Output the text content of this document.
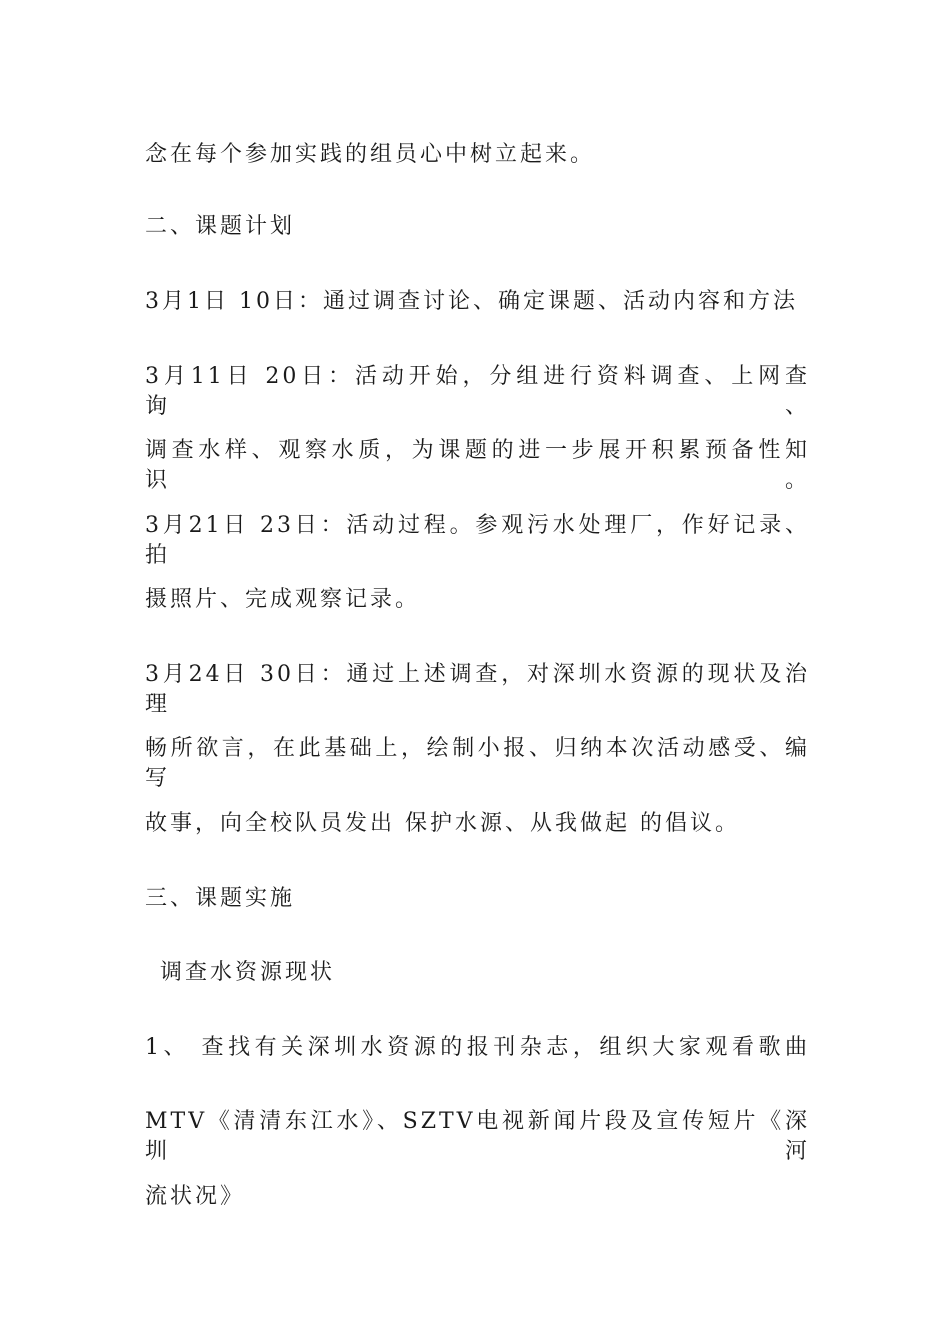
念在每个参加实践的组员心中树立起来。
二、课题计划
3月1日 10日：通过调查讨论、确定课题、活动内容和方法
3月11日 20日：活动开始，分组进行资料调查、上网查询、
调查水样、观察水质，为课题的进一步展开积累预备性知识。
3月21日 23日：活动过程。参观污水处理厂，作好记录、拍
摄照片、完成观察记录。
3月24日 30日：通过上述调查，对深圳水资源的现状及治理
畅所欲言，在此基础上，绘制小报、归纳本次活动感受、编写
故事，向全校队员发出 保护水源、从我做起 的倡议。
三、课题实施
调查水资源现状
1、 查找有关深圳水资源的报刊杂志，组织大家观看歌曲
MTV《清清东江水》、SZTV电视新闻片段及宣传短片《深圳河
流状况》
